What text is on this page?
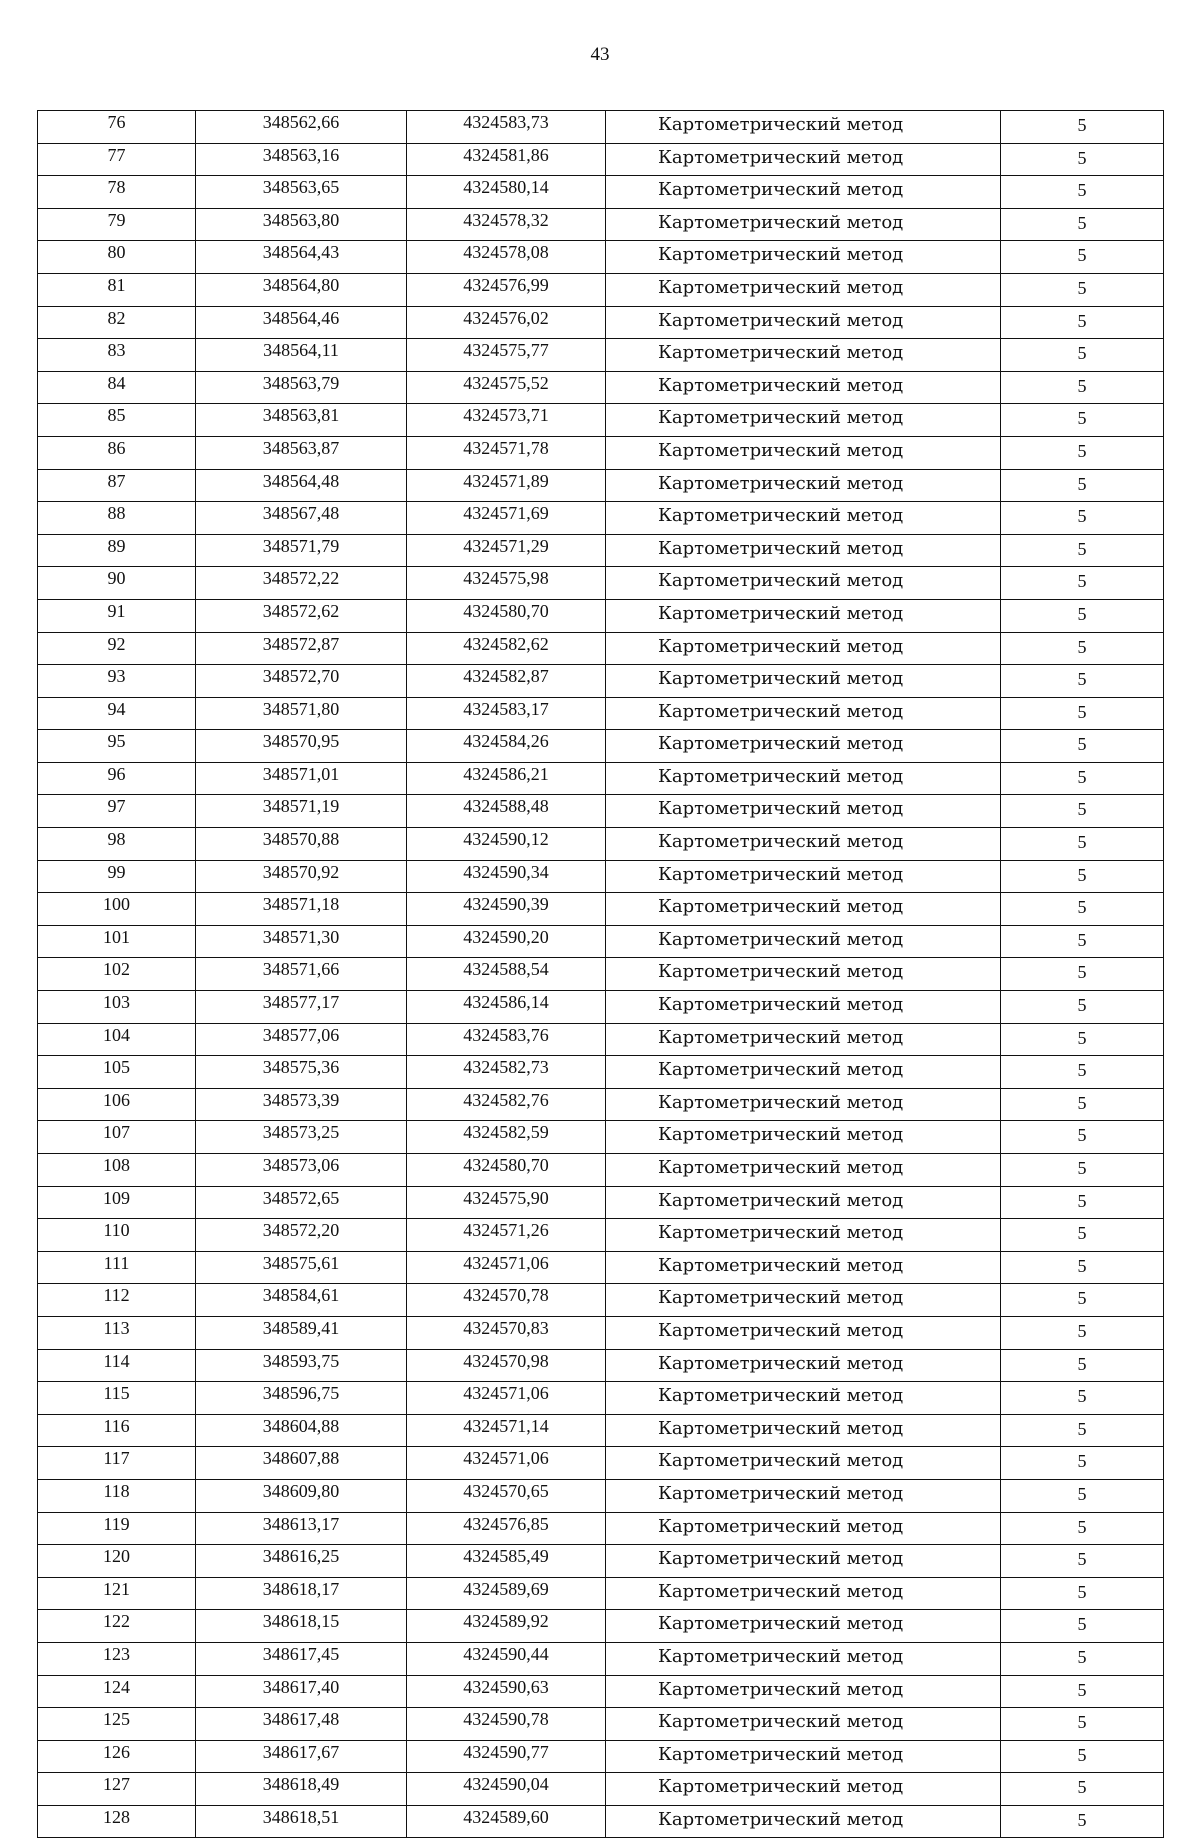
43
76	348562,66	4324583,73	Картометрический метод	5
77	348563,16	4324581,86	Картометрический метод	5
78	348563,65	4324580,14	Картометрический метод	5
79	348563,80	4324578,32	Картометрический метод	5
80	348564,43	4324578,08	Картометрический метод	5
81	348564,80	4324576,99	Картометрический метод	5
82	348564,46	4324576,02	Картометрический метод	5
83	348564,11	4324575,77	Картометрический метод	5
84	348563,79	4324575,52	Картометрический метод	5
85	348563,81	4324573,71	Картометрический метод	5
86	348563,87	4324571,78	Картометрический метод	5
87	348564,48	4324571,89	Картометрический метод	5
88	348567,48	4324571,69	Картометрический метод	5
89	348571,79	4324571,29	Картометрический метод	5
90	348572,22	4324575,98	Картометрический метод	5
91	348572,62	4324580,70	Картометрический метод	5
92	348572,87	4324582,62	Картометрический метод	5
93	348572,70	4324582,87	Картометрический метод	5
94	348571,80	4324583,17	Картометрический метод	5
95	348570,95	4324584,26	Картометрический метод	5
96	348571,01	4324586,21	Картометрический метод	5
97	348571,19	4324588,48	Картометрический метод	5
98	348570,88	4324590,12	Картометрический метод	5
99	348570,92	4324590,34	Картометрический метод	5
100	348571,18	4324590,39	Картометрический метод	5
101	348571,30	4324590,20	Картометрический метод	5
102	348571,66	4324588,54	Картометрический метод	5
103	348577,17	4324586,14	Картометрический метод	5
104	348577,06	4324583,76	Картометрический метод	5
105	348575,36	4324582,73	Картометрический метод	5
106	348573,39	4324582,76	Картометрический метод	5
107	348573,25	4324582,59	Картометрический метод	5
108	348573,06	4324580,70	Картометрический метод	5
109	348572,65	4324575,90	Картометрический метод	5
110	348572,20	4324571,26	Картометрический метод	5
111	348575,61	4324571,06	Картометрический метод	5
112	348584,61	4324570,78	Картометрический метод	5
113	348589,41	4324570,83	Картометрический метод	5
114	348593,75	4324570,98	Картометрический метод	5
115	348596,75	4324571,06	Картометрический метод	5
116	348604,88	4324571,14	Картометрический метод	5
117	348607,88	4324571,06	Картометрический метод	5
118	348609,80	4324570,65	Картометрический метод	5
119	348613,17	4324576,85	Картометрический метод	5
120	348616,25	4324585,49	Картометрический метод	5
121	348618,17	4324589,69	Картометрический метод	5
122	348618,15	4324589,92	Картометрический метод	5
123	348617,45	4324590,44	Картометрический метод	5
124	348617,40	4324590,63	Картометрический метод	5
125	348617,48	4324590,78	Картометрический метод	5
126	348617,67	4324590,77	Картометрический метод	5
127	348618,49	4324590,04	Картометрический метод	5
128	348618,51	4324589,60	Картометрический метод	5
